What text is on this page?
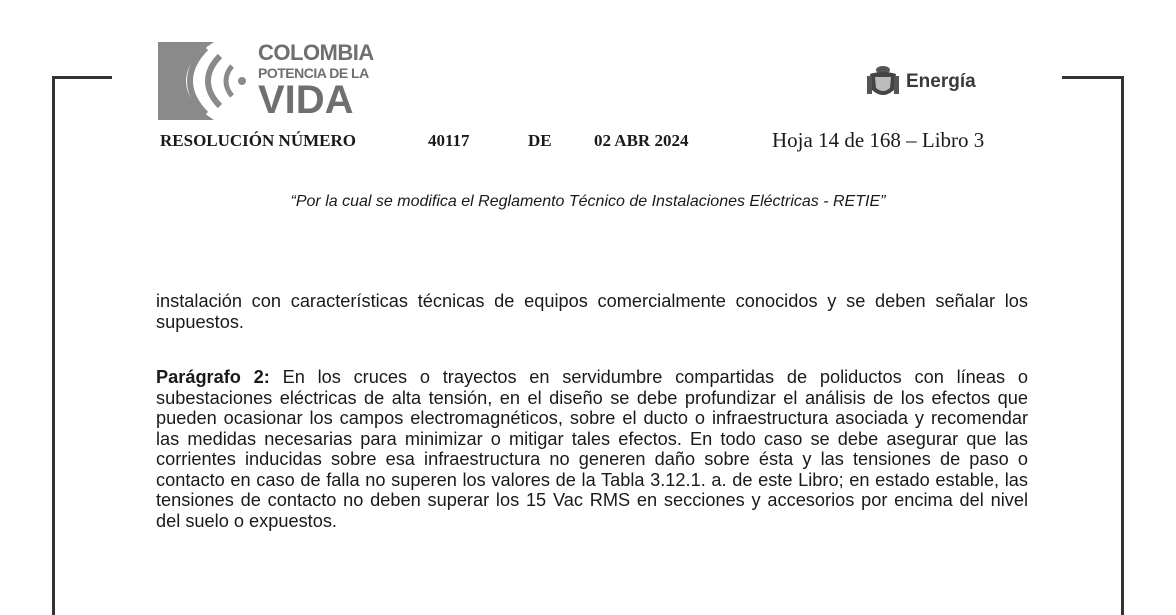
COLOMBIA
POTENCIA DE LA
VIDA	Energía
RESOLUCIÓN NÚMERO	40117	DE 02 ABR 2024	Hoja 14 de 168 – Libro 3
“Por la cual se modifica el Reglamento Técnico de Instalaciones Eléctricas - RETIE”
instalación con características técnicas de equipos comercialmente conocidos y se deben señalar los supuestos.
Parágrafo 2: En los cruces o trayectos en servidumbre compartidas de poliductos con líneas o subestaciones eléctricas de alta tensión, en el diseño se debe profundizar el análisis de los efectos que pueden ocasionar los campos electromagnéticos, sobre el ducto o infraestructura asociada y recomendar las medidas necesarias para minimizar o mitigar tales efectos. En todo caso se debe asegurar que las corrientes inducidas sobre esa infraestructura no generen daño sobre ésta y las tensiones de paso o contacto en caso de falla no superen los valores de la Tabla 3.12.1. a. de este Libro; en estado estable, las tensiones de contacto no deben superar los 15 Vac RMS en secciones y accesorios por encima del nivel del suelo o expuestos.
